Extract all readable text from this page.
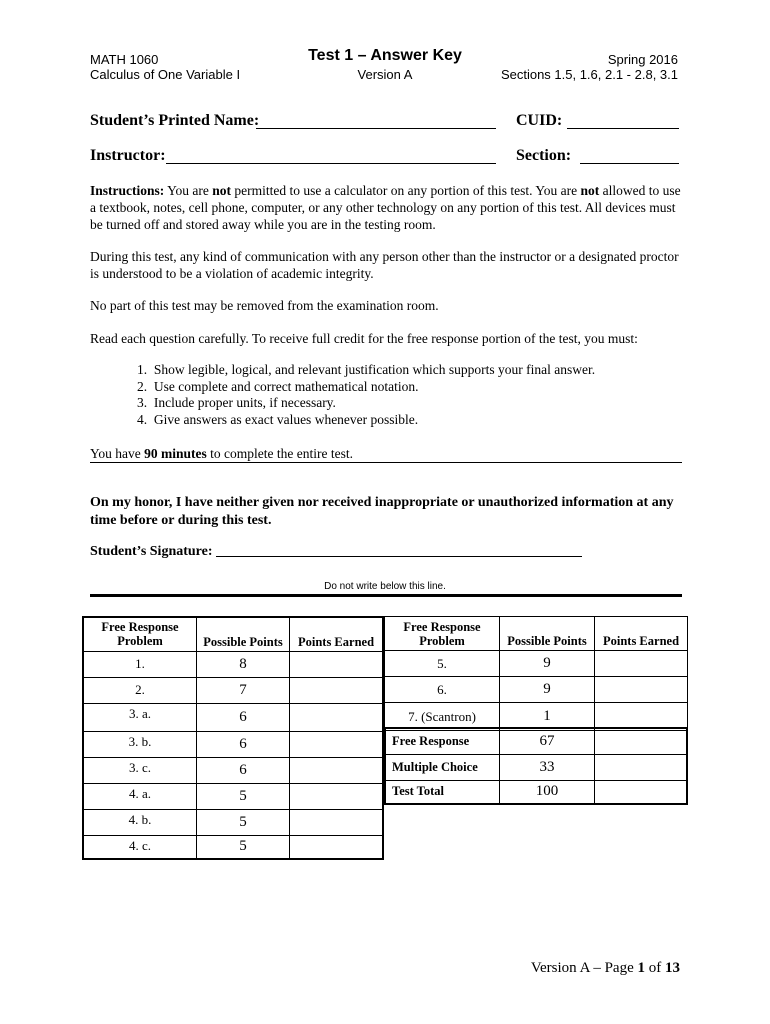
MATH 1060
Calculus of One Variable I
Test 1 – Answer Key
Version A
Spring 2016
Sections 1.5, 1.6, 2.1 - 2.8, 3.1
Student’s Printed Name:	CUID:
Instructor:	Section:
Instructions: You are not permitted to use a calculator on any portion of this test. You are not allowed to use a textbook, notes, cell phone, computer, or any other technology on any portion of this test. All devices must be turned off and stored away while you are in the testing room.
During this test, any kind of communication with any person other than the instructor or a designated proctor is understood to be a violation of academic integrity.
No part of this test may be removed from the examination room.
Read each question carefully. To receive full credit for the free response portion of the test, you must:
1.  Show legible, logical, and relevant justification which supports your final answer.
2.  Use complete and correct mathematical notation.
3.  Include proper units, if necessary.
4.  Give answers as exact values whenever possible.
You have 90 minutes to complete the entire test.
On my honor, I have neither given nor received inappropriate or unauthorized information at any time before or during this test.
Student’s Signature:
Do not write below this line.
Free Response Problem	Possible Points	Points Earned
1.	8	
2.	7	
3. a.	6	
3. b.	6	
3. c.	6	
4. a.	5	
4. b.	5	
4. c.	5	
Free Response Problem	Possible Points	Points Earned
5.	9	
6.	9	
7. (Scantron)	1	
Free Response	67	
Multiple Choice	33	
Test Total	100	
Version A – Page 1 of 13
